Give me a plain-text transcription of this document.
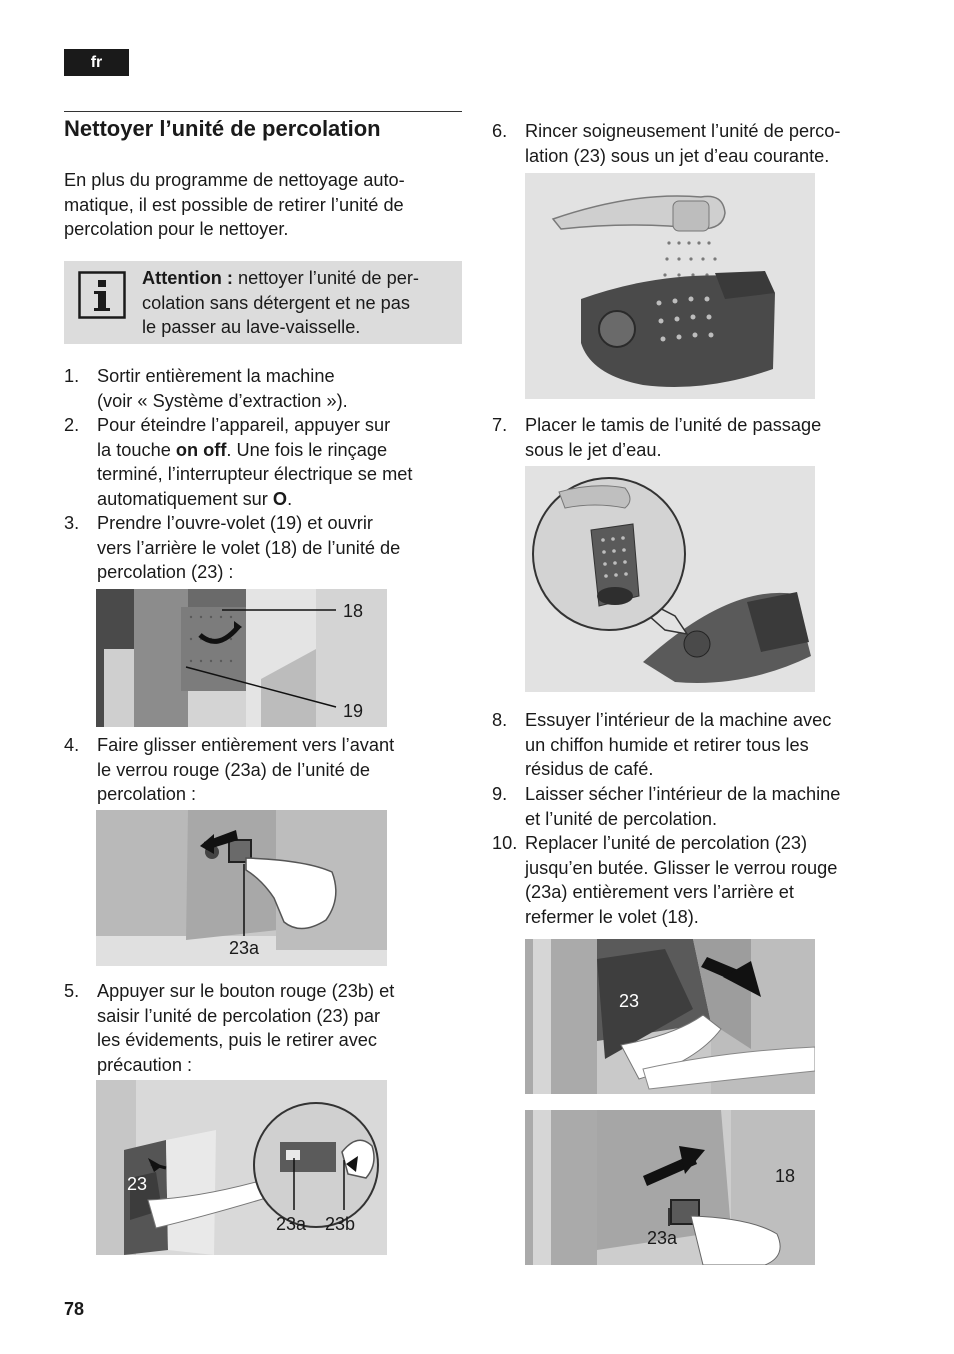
fr
Nettoyer l’unité de percolation
En plus du programme de nettoyage auto-
matique, il est possible de retirer l’unité de
percolation pour le nettoyer.
Attention : nettoyer l’unité de per-
colation sans détergent et ne pas
le passer au lave-vaisselle.
1. Sortir entièrement la machine
(voir « Système d’extraction »).
2. Pour éteindre l’appareil, appuyer sur
la touche on off. Une fois le rinçage
terminé, l’interrupteur électrique se met
automatiquement sur O.
3. Prendre l’ouvre-volet (19) et ouvrir
vers l’arrière le volet (18) de l’unité de
percolation (23) :
18
19
4. Faire glisser entièrement vers l’avant
le verrou rouge (23a) de l’unité de
percolation :
23a
5. Appuyer sur le bouton rouge (23b) et
saisir l’unité de percolation (23) par
les évidements, puis le retirer avec
précaution :
23
23a 23b
6. Rincer soigneusement l’unité de perco-
lation (23) sous un jet d’eau courante.
7. Placer le tamis de l’unité de passage
sous le jet d’eau.
8. Essuyer l’intérieur de la machine avec
un chiffon humide et retirer tous les
résidus de café.
9. Laisser sécher l’intérieur de la machine
et l’unité de percolation.
10. Replacer l’unité de percolation (23)
jusqu’en butée. Glisser le verrou rouge
(23a) entièrement vers l’arrière et
refermer le volet (18).
23
18
23a
78
